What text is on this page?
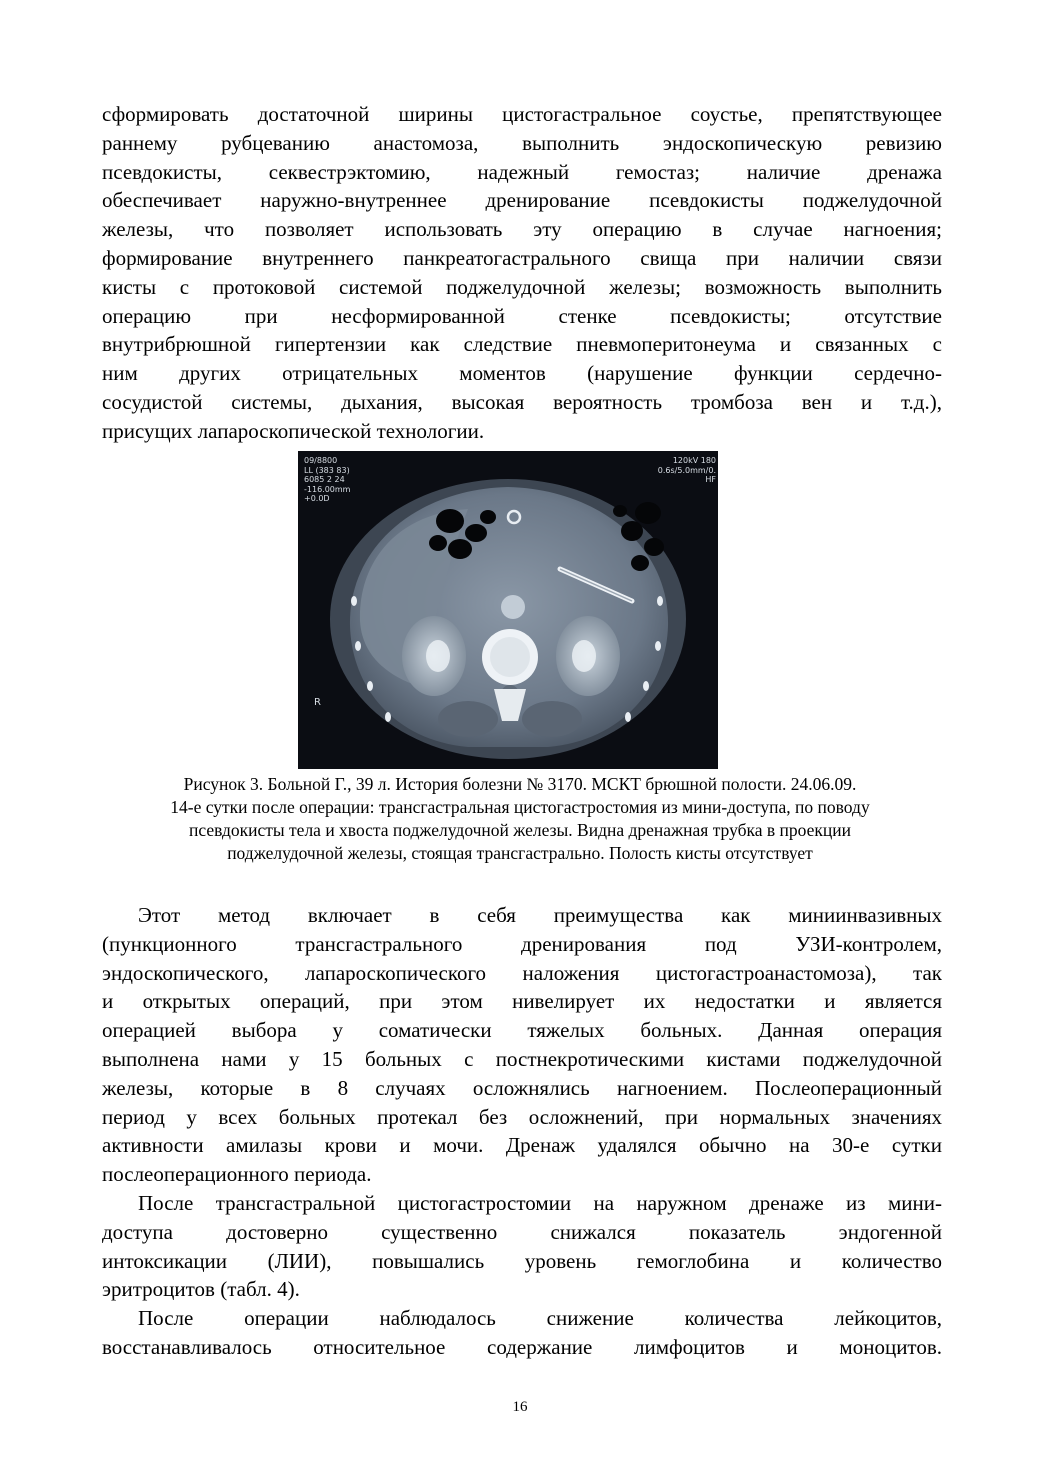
сформировать достаточной ширины цистогастральное соустье, препятствующее
раннему рубцеванию анастомоза, выполнить эндоскопическую ревизию
псевдокисты, секвестрэктомию, надежный гемостаз; наличие дренажа
обеспечивает наружно-внутреннее дренирование псевдокисты поджелудочной
железы, что позволяет использовать эту операцию в случае нагноения;
формирование внутреннего панкреатогастрального свища при наличии связи
кисты с протоковой системой поджелудочной железы; возможность выполнить
операцию при несформированной стенке псевдокисты; отсутствие
внутрибрюшной гипертензии как следствие пневмоперитонеума и связанных с
ним других отрицательных моментов (нарушение функции сердечно-
сосудистой системы, дыхания, высокая вероятность тромбоза вен и т.д.),
присущих лапароскопической технологии.
09/8800
LL (383 83)
6085 2 24
-116.00mm
+0.0D
120kV 180
0.6s/5.0mm/0.
HF
R
Рисунок 3. Больной Г., 39 л. История болезни № 3170. МСКТ брюшной полости. 24.06.09.
14-е сутки после операции: трансгастральная цистогастростомия из мини-доступа, по поводу
псевдокисты тела и хвоста поджелудочной железы. Видна дренажная трубка в проекции
поджелудочной железы, стоящая трансгастрально. Полость кисты отсутствует
Этот метод включает в себя преимущества как миниинвазивных
(пункционного трансгастрального дренирования под УЗИ-контролем,
эндоскопического, лапароскопического наложения цистогастроанастомоза), так
и открытых операций, при этом нивелирует их недостатки и является
операцией выбора у соматически тяжелых больных. Данная операция
выполнена нами у 15 больных с постнекротическими кистами поджелудочной
железы, которые в 8 случаях осложнялись нагноением. Послеоперационный
период у всех больных протекал без осложнений, при нормальных значениях
активности амилазы крови и мочи. Дренаж удалялся обычно на 30-е сутки
послеоперационного периода.
После трансгастральной цистогастростомии на наружном дренаже из мини-
доступа достоверно существенно снижался показатель эндогенной
интоксикации (ЛИИ), повышались уровень гемоглобина и количество
эритроцитов (табл. 4).
После операции наблюдалось снижение количества лейкоцитов,
восстанавливалось относительное содержание лимфоцитов и моноцитов.
16
